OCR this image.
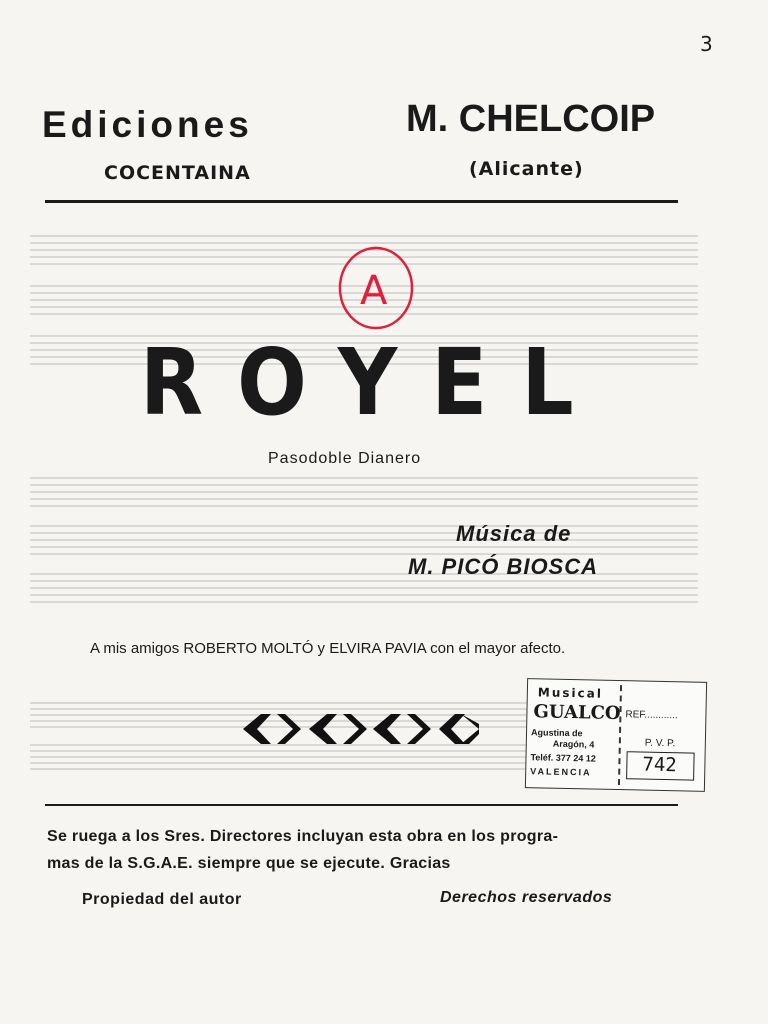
3
Ediciones	M. CHELCOIP
COCENTAINA	(Alicante)
A
ROYEL
Pasodoble Dianero
Música de
M. PICÓ BIOSCA
A mis amigos ROBERTO MOLTÓ y ELVIRA PAVIA con el mayor afecto.
Musical
GUALCO
Agustina de
Aragón, 4
Teléf. 377 24 12
VALENCIA
REF............
P. V. P.
742
Se ruega a los Sres. Directores incluyan esta obra en los progra-
mas de la S.G.A.E. siempre que se ejecute. Gracias
Propiedad del autor	Derechos reservados
